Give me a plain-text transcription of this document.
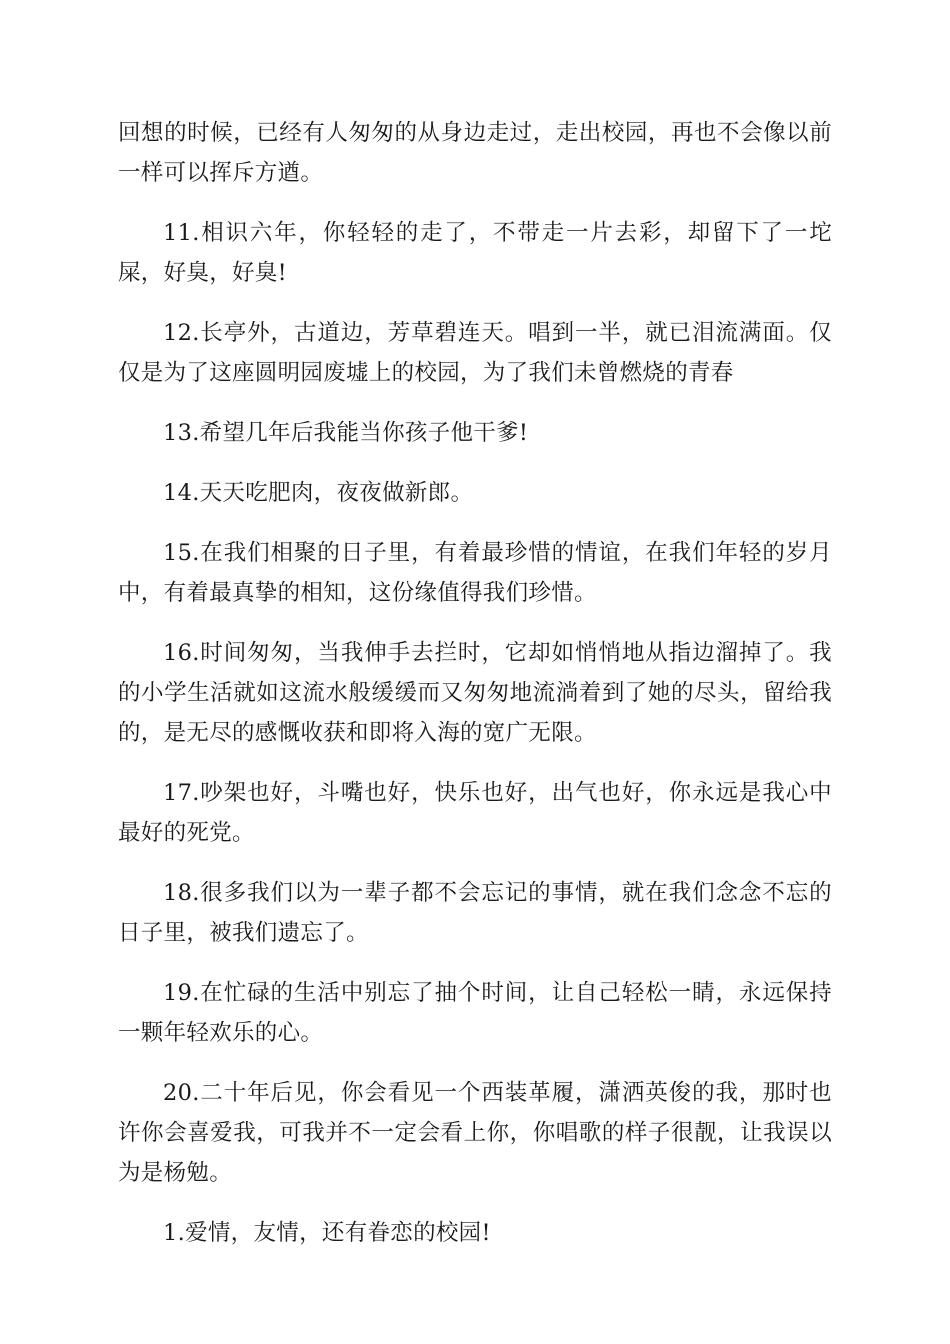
回想的时候，已经有人匆匆的从身边走过，走出校园，再也不会像以前一样可以挥斥方遒。

11.相识六年，你轻轻的走了，不带走一片去彩，却留下了一坨屎，好臭，好臭!

12.长亭外，古道边，芳草碧连天。唱到一半，就已泪流满面。仅仅是为了这座圆明园废墟上的校园，为了我们未曾燃烧的青春

13.希望几年后我能当你孩子他干爹!

14.天天吃肥肉，夜夜做新郎。

15.在我们相聚的日子里，有着最珍惜的情谊，在我们年轻的岁月中，有着最真挚的相知，这份缘值得我们珍惜。

16.时间匆匆，当我伸手去拦时，它却如悄悄地从指边溜掉了。我的小学生活就如这流水般缓缓而又匆匆地流淌着到了她的尽头，留给我的，是无尽的感慨收获和即将入海的宽广无限。

17.吵架也好，斗嘴也好，快乐也好，出气也好，你永远是我心中最好的死党。

18.很多我们以为一辈子都不会忘记的事情，就在我们念念不忘的日子里，被我们遗忘了。

19.在忙碌的生活中别忘了抽个时间，让自己轻松一睛，永远保持一颗年轻欢乐的心。

20.二十年后见，你会看见一个西装革履，潇洒英俊的我，那时也许你会喜爱我，可我并不一定会看上你，你唱歌的样子很靓，让我误以为是杨勉。

1.爱情，友情，还有眷恋的校园!
